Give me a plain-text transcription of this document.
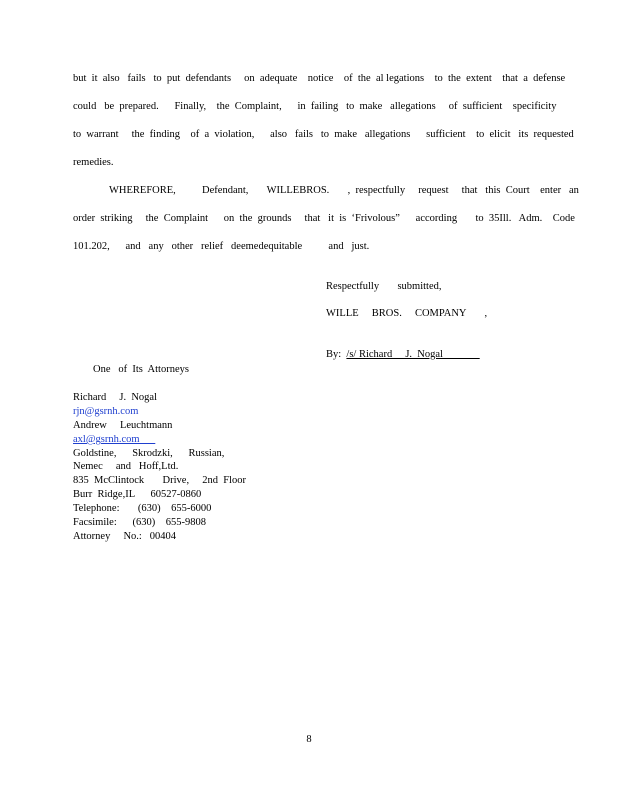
but  it  also   fails   to  put  defendants     on  adequate    notice    of  the  al legations    to  the  extent    that  a  defense
could   be  prepared.      Finally,    the  Complaint,      in  failing   to  make   allegations     of  sufficient    specificity
to  warrant     the  finding    of  a  violation,      also   fails   to  make   allegations      sufficient    to  elicit   its  requested
remedies.
WHEREFORE,          Defendant,       WILLEBROS.       ,  respectfully     request     that   this  Court    enter   an
order  striking     the  Complaint      on  the  grounds     that   it  is  ‘Frivolous”      according       to  35Ill.   Adm.    Code
101.202,      and   any   other   relief   deemedequitable          and   just.
Respectfully       submitted,
WILLE     BROS.     COMPANY       ,
By:  /s/ Richard     J.  Nogal
One   of  Its  Attorneys
Richard     J.  Nogal
rjn@gsrnh.com
Andrew     Leuchtmann
axl@gsrnh.com
Goldstine,      Skrodzki,      Russian,
Nemec     and   Hoff,Ltd.
835  McClintock       Drive,     2nd  Floor
Burr  Ridge,IL      60527-0860
Telephone:       (630)    655-6000
Facsimile:      (630)    655-9808
Attorney     No.:   00404
8
